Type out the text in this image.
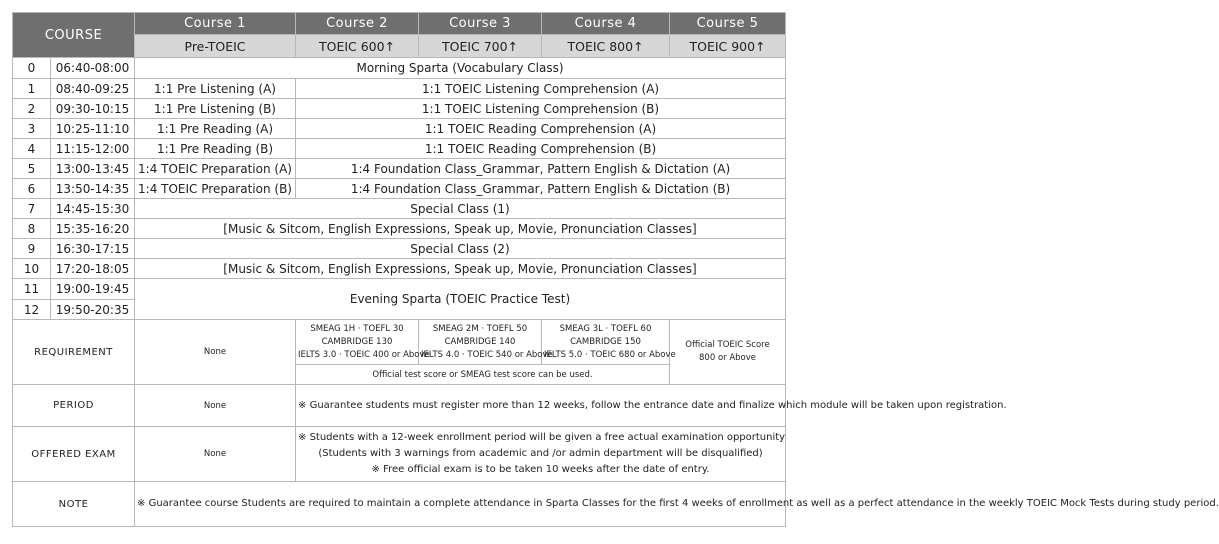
COURSE		Course 1	Course 2	Course 3	Course 4	Course 5
		Pre-TOEIC	TOEIC 600↑	TOEIC 700↑	TOEIC 800↑	TOEIC 900↑
0	06:40-08:00	Morning Sparta (Vocabulary Class)				
1	08:40-09:25	1:1 Pre Listening (A)	1:1 TOEIC Listening Comprehension (A)			
2	09:30-10:15	1:1 Pre Listening (B)	1:1 TOEIC Listening Comprehension (B)			
3	10:25-11:10	1:1 Pre Reading (A)	1:1 TOEIC Reading Comprehension (A)			
4	11:15-12:00	1:1 Pre Reading (B)	1:1 TOEIC Reading Comprehension (B)			
5	13:00-13:45	1:4 TOEIC Preparation (A)	1:4 Foundation Class_Grammar, Pattern English & Dictation (A)			
6	13:50-14:35	1:4 TOEIC Preparation (B)	1:4 Foundation Class_Grammar, Pattern English & Dictation (B)			
7	14:45-15:30	Special Class (1)				
8	15:35-16:20	[Music & Sitcom, English Expressions, Speak up, Movie, Pronunciation Classes]				
9	16:30-17:15	Special Class (2)				
10	17:20-18:05	[Music & Sitcom, English Expressions, Speak up, Movie, Pronunciation Classes]				
11	19:00-19:45	Evening Sparta (TOEIC Practice Test)				
12	19:50-20:35					
REQUIREMENT		None	SMEAG 1H · TOEFL 30
CAMBRIDGE 130
IELTS 3.0 · TOEIC 400 or Above	SMEAG 2M · TOEFL 50
CAMBRIDGE 140
IELTS 4.0 · TOEIC 540 or Above	SMEAG 3L · TOEFL 60
CAMBRIDGE 150
IELTS 5.0 · TOEIC 680 or Above	Official TOEIC Score
800 or Above
			Official test score or SMEAG test score can be used.			
PERIOD		None	※ Guarantee students must register more than 12 weeks, follow the entrance date and finalize which module will be taken upon registration.			
OFFERED EXAM		None	※ Students with a 12-week enrollment period will be given a free actual examination opportunity
(Students with 3 warnings from academic and /or admin department will be disqualified)
※ Free official exam is to be taken 10 weeks after the date of entry.			
NOTE		※ Guarantee course Students are required to maintain a complete attendance in Sparta Classes for the first 4 weeks of enrollment as well as a perfect attendance in the weekly TOEIC Mock Tests during study period.				
